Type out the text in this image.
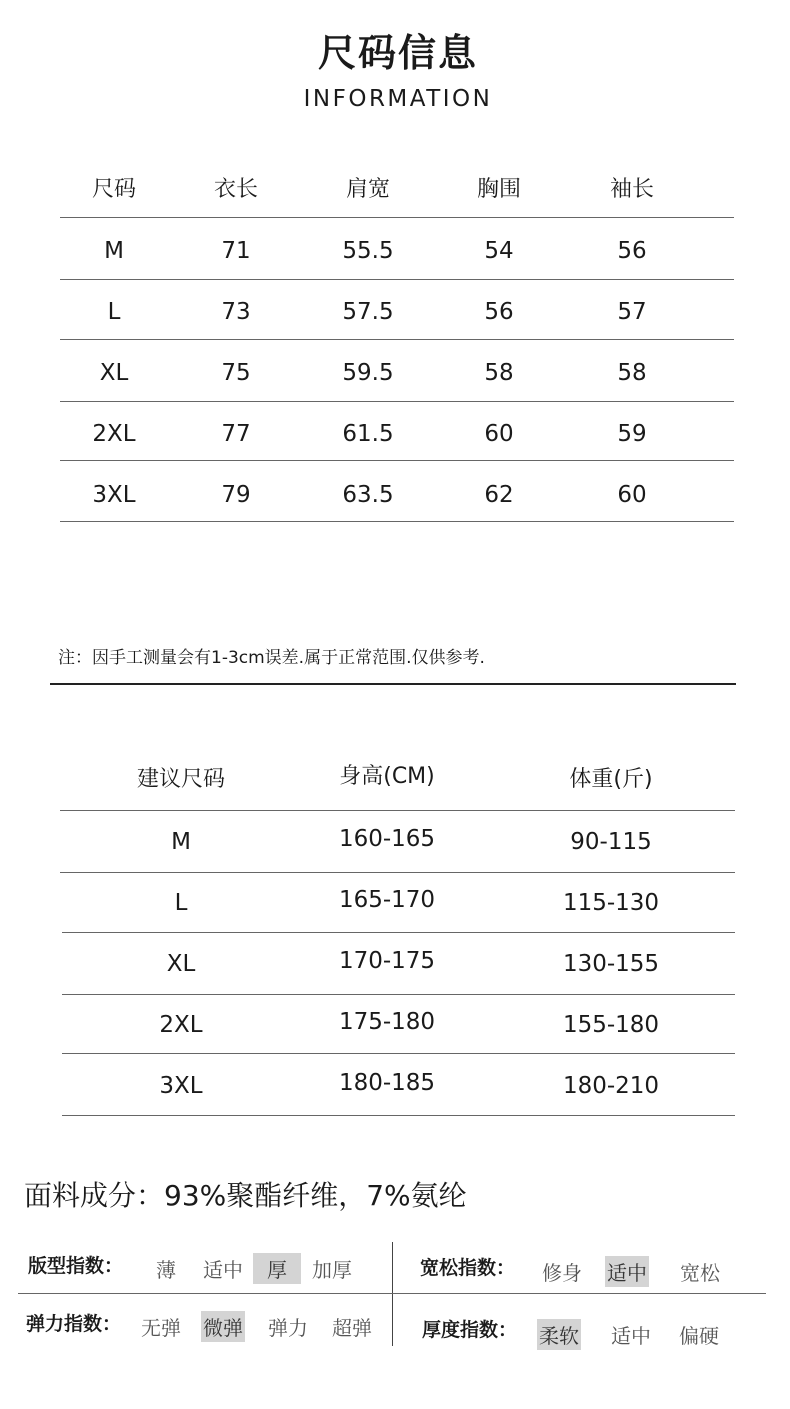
尺码信息
INFORMATION
尺码	衣长	肩宽	胸围	袖长
M	71	55.5	54	56
L	73	57.5	56	57
XL	75	59.5	58	58
2XL	77	61.5	60	59
3XL	79	63.5	62	60
注：因手工测量会有1-3cm误差.属于正常范围.仅供参考.
建议尺码	身高(CM)	体重(斤)
M	160-165	90-115
L	165-170	115-130
XL	170-175	130-155
2XL	175-180	155-180
3XL	180-185	180-210
面料成分：93%聚酯纤维，7%氨纶
版型指数： 薄 适中	厚	加厚	宽松指数： 修身 适中 宽松
弹力指数： 无弹 微弹 弹力 超弹	厚度指数： 柔软 适中 偏硬
